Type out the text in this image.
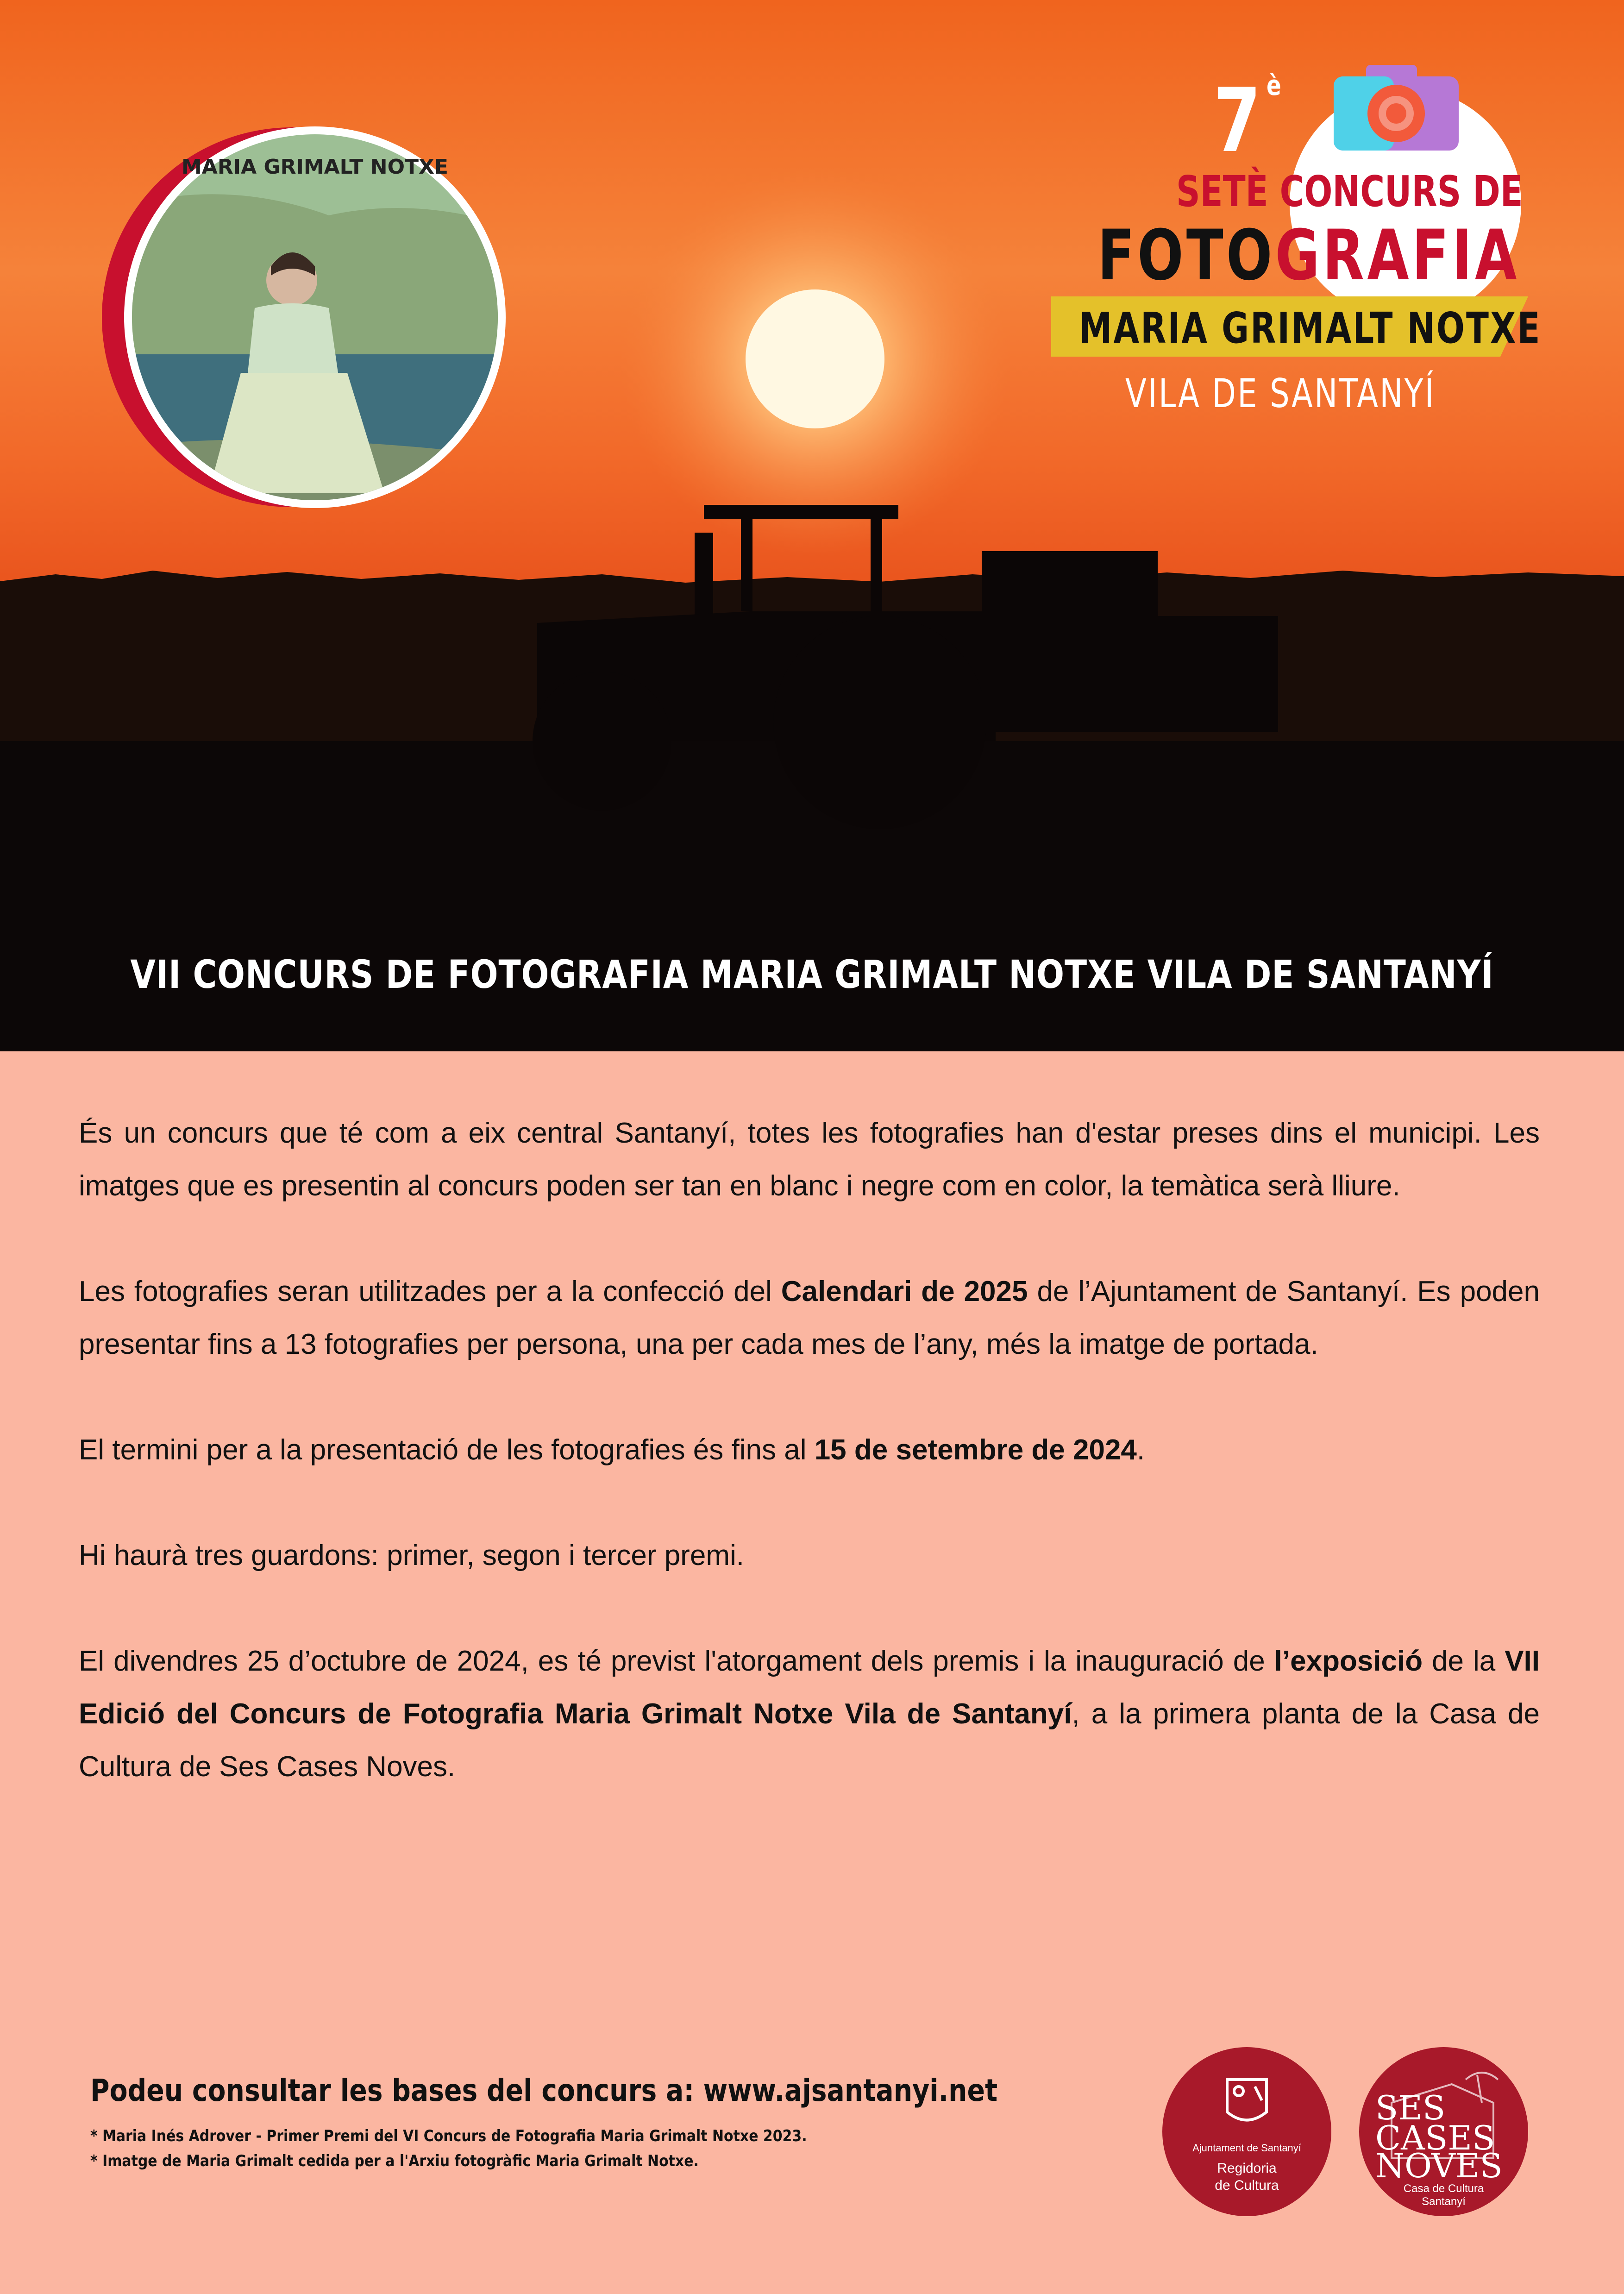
MARIA GRIMALT NOTXE	7 è
SETÈ CONCURS DE
FOTOGRAFIA
MARIA GRIMALT NOTXE
VILA DE SANTANYÍ
VII CONCURS DE FOTOGRAFIA MARIA GRIMALT NOTXE VILA DE SANTANYÍ

És un concurs que té com a eix central Santanyí, totes les fotografies han d'estar preses dins el municipi. Les imatges que es presentin al concurs poden ser tan en blanc i negre com en color, la temàtica serà lliure.

Les fotografies seran utilitzades per a la confecció del Calendari de 2025 de l’Ajuntament de Santanyí. Es poden presentar fins a 13 fotografies per persona, una per cada mes de l’any, més la imatge de portada.

El termini per a la presentació de les fotografies és fins al 15 de setembre de 2024.

Hi haurà tres guardons: primer, segon i tercer premi.

El divendres 25 d’octubre de 2024, es té previst l'atorgament dels premis i la inauguració de l’exposició de la VII Edició del Concurs de Fotografia Maria Grimalt Notxe Vila de Santanyí, a la primera planta de la Casa de Cultura de Ses Cases Noves.

Podeu consultar les bases del concurs a: www.ajsantanyi.net
* Maria Inés Adrover - Primer Premi del VI Concurs de Fotografia Maria Grimalt Notxe 2023.
* Imatge de Maria Grimalt cedida per a l'Arxiu fotogràfic Maria Grimalt Notxe.
Ajuntament de Santanyí
Regidoria
de Cultura
SES
CASES
NOVES
Casa de Cultura
Santanyí
